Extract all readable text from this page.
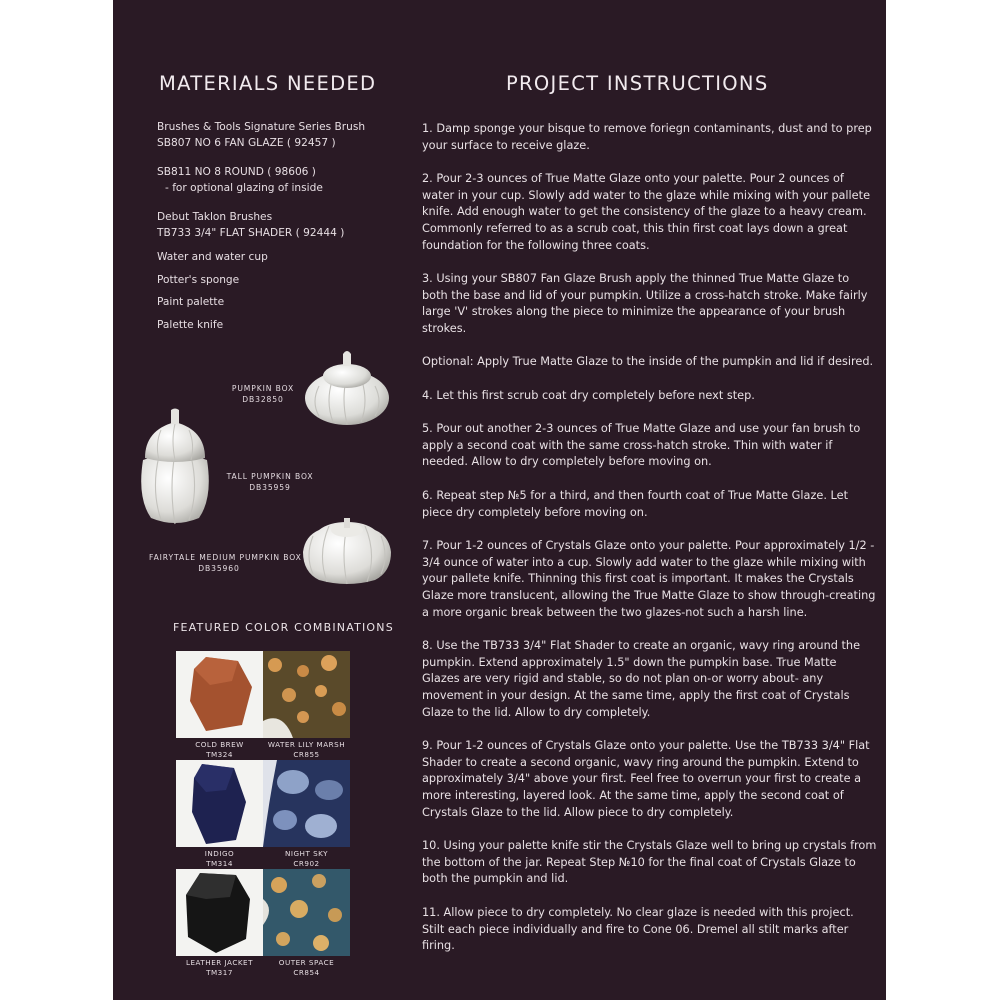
MATERIALS NEEDED
Brushes & Tools Signature Series Brush
SB807 NO 6 FAN GLAZE ( 92457 )
SB811 NO 8 ROUND ( 98606 )
- for optional glazing of inside
Debut Taklon Brushes
TB733 3/4" FLAT SHADER ( 92444 )
Water and water cup
Potter's sponge
Paint palette
Palette knife
PUMPKIN BOX
DB32850
TALL PUMPKIN BOX
DB35959
FAIRYTALE MEDIUM PUMPKIN BOX
DB35960
FEATURED COLOR COMBINATIONS
COLD BREW
TM324
WATER LILY MARSH
CR855
INDIGO
TM314
NIGHT SKY
CR902
LEATHER JACKET
TM317
OUTER SPACE
CR854
PROJECT INSTRUCTIONS
1. Damp sponge your bisque to remove foriegn contaminants, dust and to prep your surface to receive glaze.
2. Pour 2-3 ounces of True Matte Glaze onto your palette. Pour 2 ounces of water in your cup. Slowly add water to the glaze while mixing with your pallete knife. Add enough water to get the consistency of the glaze to a heavy cream. Commonly referred to as a scrub coat, this thin first coat lays down a great foundation for the following three coats.
3. Using your SB807 Fan Glaze Brush apply the thinned True Matte Glaze to both the base and lid of your pumpkin. Utilize a cross-hatch stroke. Make fairly large 'V' strokes along the piece to minimize the appearance of your brush strokes.
Optional: Apply True Matte Glaze to the inside of the pumpkin and lid if desired.
4. Let this first scrub coat dry completely before next step.
5. Pour out another 2-3 ounces of True Matte Glaze and use your fan brush to apply a second coat with the same cross-hatch stroke. Thin with water if needed. Allow to dry completely before moving on.
6. Repeat step №5 for a third, and then fourth coat of True Matte Glaze. Let piece dry completely before moving on.
7. Pour 1-2 ounces of Crystals Glaze onto your palette. Pour approximately 1/2 - 3/4 ounce of water into a cup. Slowly add water to the glaze while mixing with your pallete knife. Thinning this first coat is important. It makes the Crystals Glaze more translucent, allowing the True Matte Glaze to show through-creating a more organic break between the two glazes-not such a harsh line.
8. Use the TB733 3/4" Flat Shader to create an organic, wavy ring around the pumpkin. Extend approximately 1.5" down the pumpkin base. True Matte Glazes are very rigid and stable, so do not plan on-or worry about- any movement in your design. At the same time, apply the first coat of Crystals Glaze to the lid. Allow to dry completely.
9. Pour 1-2 ounces of Crystals Glaze onto your palette. Use the TB733 3/4" Flat Shader to create a second organic, wavy ring around the pumpkin. Extend to approximately 3/4" above your first. Feel free to overrun your first to create a more interesting, layered look. At the same time, apply the second coat of Crystals Glaze to the lid. Allow piece to dry completely.
10. Using your palette knife stir the Crystals Glaze well to bring up crystals from the bottom of the jar. Repeat Step №10 for the final coat of Crystals Glaze to both the pumpkin and lid.
11. Allow piece to dry completely. No clear glaze is needed with this project. Stilt each piece individually and fire to Cone 06. Dremel all stilt marks after firing.
